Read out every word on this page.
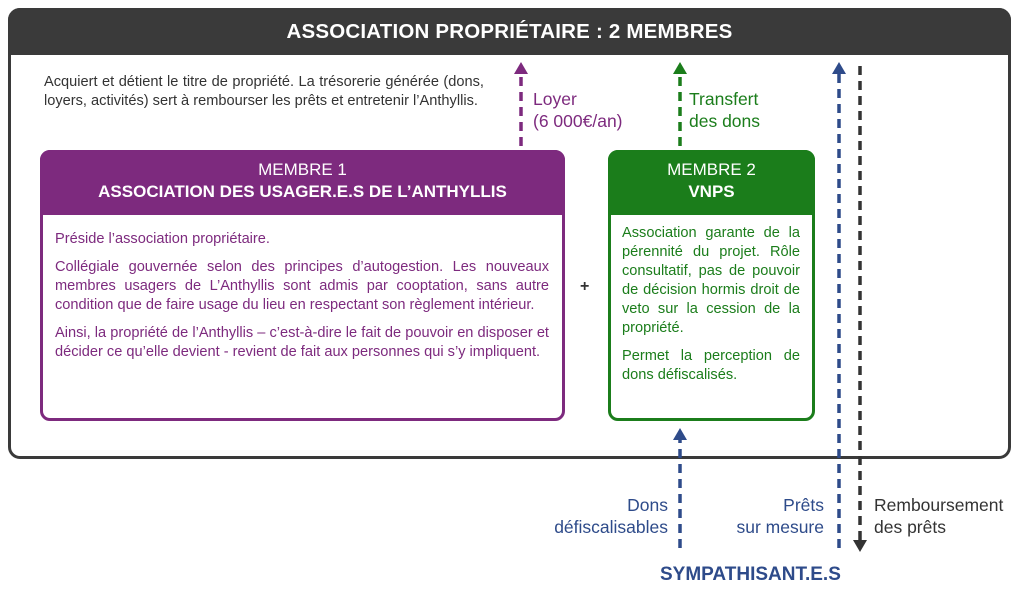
ASSOCIATION PROPRIÉTAIRE : 2 MEMBRES

Acquiert et détient le titre de propriété. La trésorerie générée (dons, loyers, activités) sert à rembourser les prêts et entretenir l’Anthyllis.

MEMBRE 1
ASSOCIATION DES USAGER.E.S DE L’ANTHYLLIS

Préside l’association propriétaire.

Collégiale gouvernée selon des principes d’autogestion. Les nouveaux membres usagers de L’Anthyllis sont admis par cooptation, sans autre condition que de faire usage du lieu en respectant son règlement intérieur.

Ainsi, la propriété de l’Anthyllis – c’est-à-dire le fait de pouvoir en disposer et décider ce qu’elle devient - revient de fait aux personnes qui s’y impliquent.

+
MEMBRE 2
VNPS

Association garante de la pérennité du projet. Rôle consultatif, pas de pouvoir de décision hormis droit de veto sur la cession de la propriété.

Permet la perception de dons défiscalisés.

Loyer
(6 000€/an)
Transfert
des dons
Dons
défiscalisables
Prêts
sur mesure
Remboursement
des prêts
SYMPATHISANT.E.S
